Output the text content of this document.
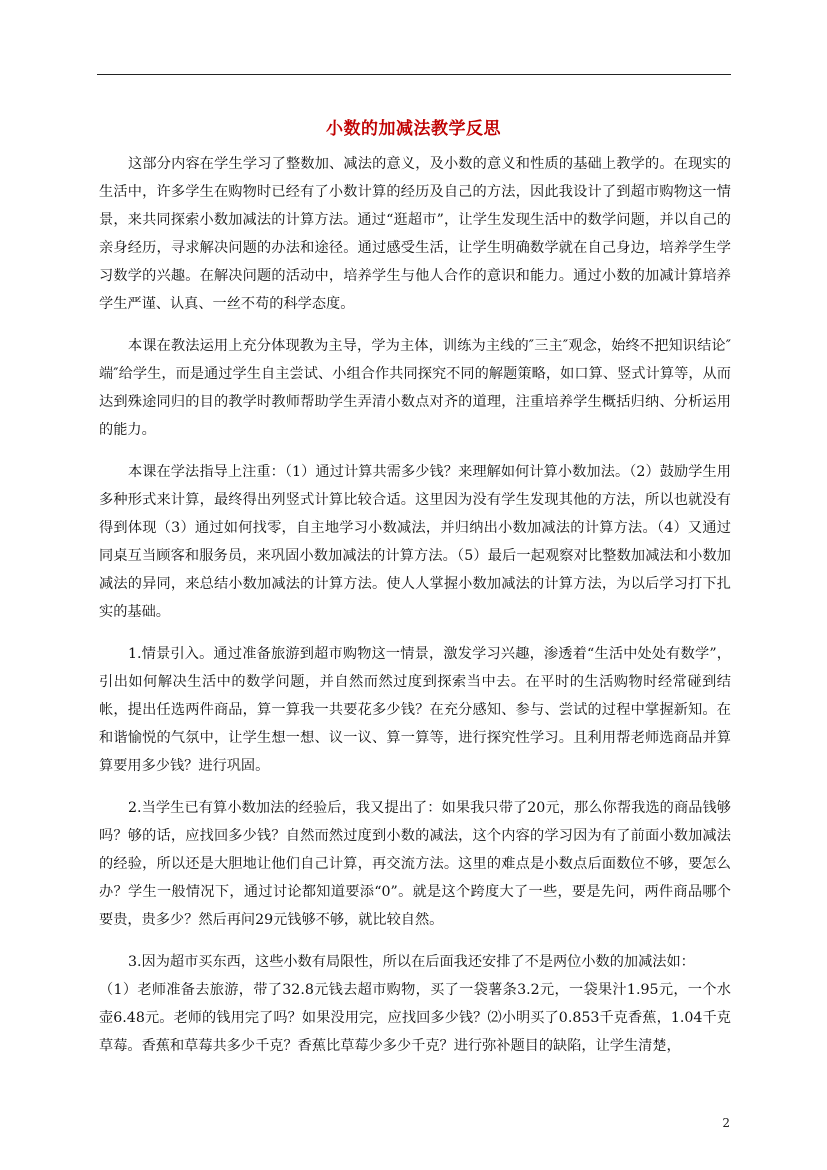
小数的加减法教学反思

这部分内容在学生学习了整数加、减法的意义，及小数的意义和性质的基础上教学的。在现实的生活中，许多学生在购物时已经有了小数计算的经历及自己的方法，因此我设计了到超市购物这一情景，来共同探索小数加减法的计算方法。通过“逛超市”，让学生发现生活中的数学问题，并以自己的亲身经历，寻求解决问题的办法和途径。通过感受生活，让学生明确数学就在自己身边，培养学生学习数学的兴趣。在解决问题的活动中，培养学生与他人合作的意识和能力。通过小数的加减计算培养学生严谨、认真、一丝不苟的科学态度。

本课在教法运用上充分体现教为主导，学为主体，训练为主线的″三主″观念，始终不把知识结论″端″给学生，而是通过学生自主尝试、小组合作共同探究不同的解题策略，如口算、竖式计算等，从而达到殊途同归的目的教学时教师帮助学生弄清小数点对齐的道理，注重培养学生概括归纳、分析运用的能力。

本课在学法指导上注重：（1）通过计算共需多少钱？来理解如何计算小数加法。（2）鼓励学生用多种形式来计算，最终得出列竖式计算比较合适。这里因为没有学生发现其他的方法，所以也就没有得到体现（3）通过如何找零，自主地学习小数减法，并归纳出小数加减法的计算方法。（4）又通过同桌互当顾客和服务员，来巩固小数加减法的计算方法。（5）最后一起观察对比整数加减法和小数加减法的异同，来总结小数加减法的计算方法。使人人掌握小数加减法的计算方法，为以后学习打下扎实的基础。

1.情景引入。通过准备旅游到超市购物这一情景，激发学习兴趣，渗透着“生活中处处有数学”，引出如何解决生活中的数学问题，并自然而然过度到探索当中去。在平时的生活购物时经常碰到结帐，提出任选两件商品，算一算我一共要花多少钱？在充分感知、参与、尝试的过程中掌握新知。在和谐愉悦的气氛中，让学生想一想、议一议、算一算等，进行探究性学习。且利用帮老师选商品并算算要用多少钱？进行巩固。

2.当学生已有算小数加法的经验后，我又提出了：如果我只带了20元，那么你帮我选的商品钱够吗？够的话，应找回多少钱？自然而然过度到小数的减法，这个内容的学习因为有了前面小数加减法的经验，所以还是大胆地让他们自己计算，再交流方法。这里的难点是小数点后面数位不够，要怎么办？学生一般情况下，通过讨论都知道要添“0”。就是这个跨度大了一些，要是先问，两件商品哪个要贵，贵多少？然后再问29元钱够不够，就比较自然。

3.因为超市买东西，这些小数有局限性，所以在后面我还安排了不是两位小数的加减法如：

（1）老师准备去旅游，带了32.8元钱去超市购物，买了一袋薯条3.2元，一袋果汁1.95元，一个水壶6.48元。老师的钱用完了吗？如果没用完，应找回多少钱？⑵小明买了0.853千克香蕉，1.04千克草莓。香蕉和草莓共多少千克？香蕉比草莓少多少千克？进行弥补题目的缺陷，让学生清楚，

2
